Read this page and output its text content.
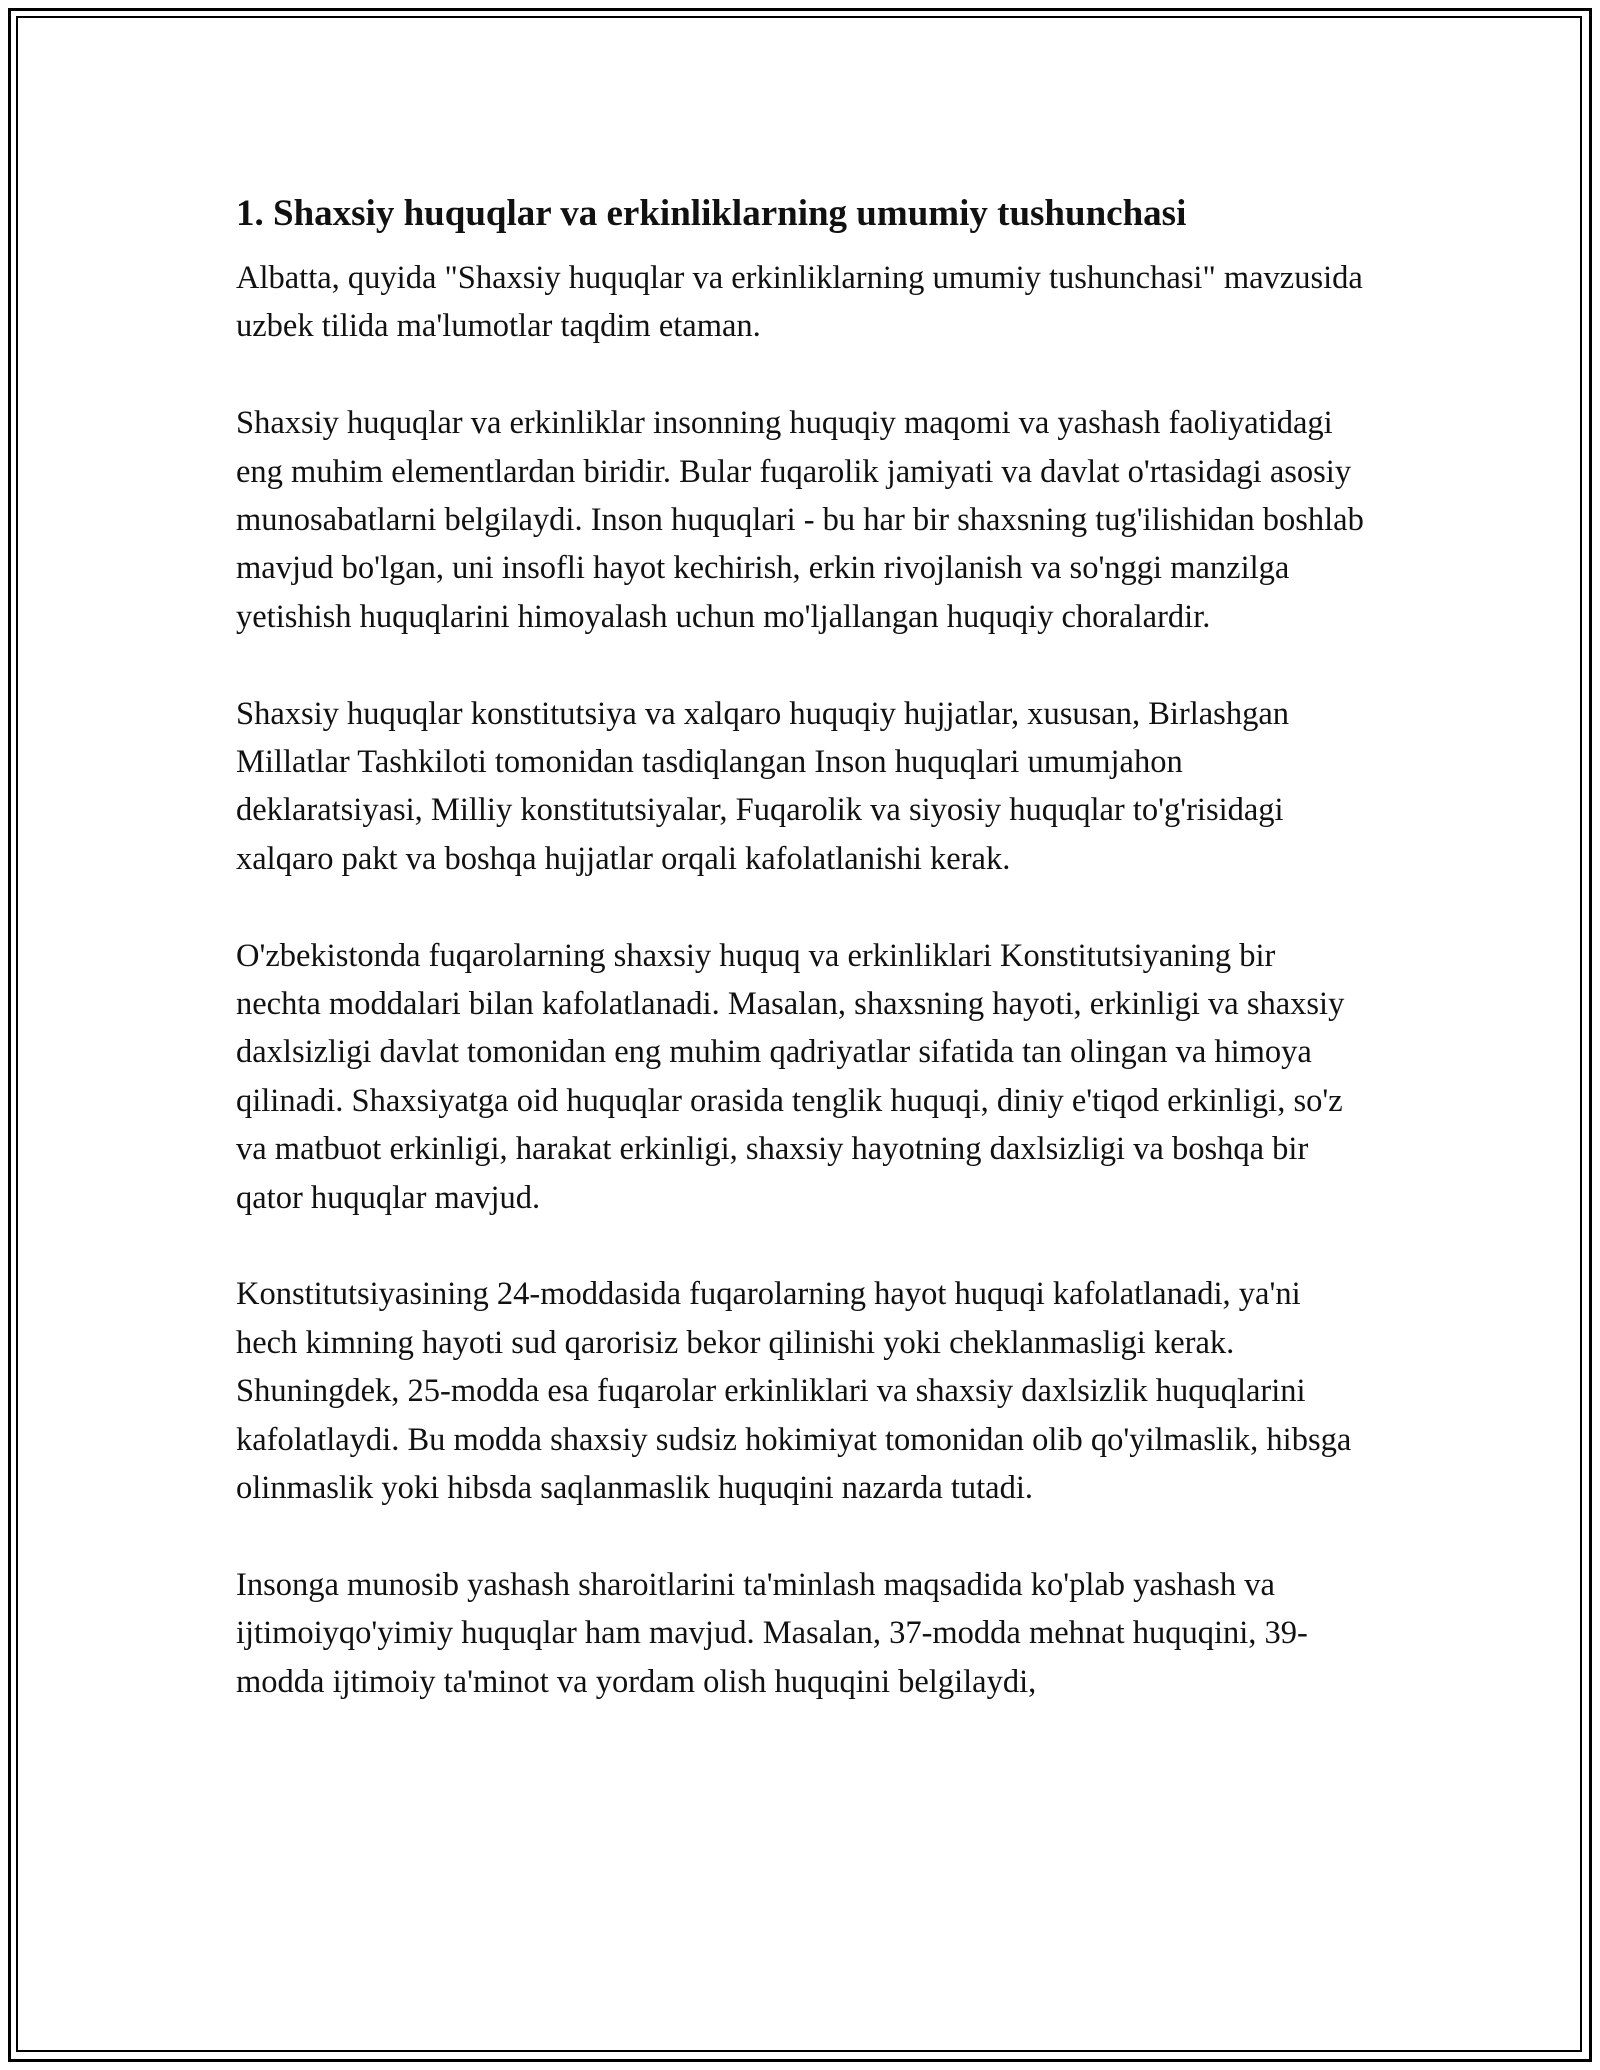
1. Shaxsiy huquqlar va erkinliklarning umumiy tushunchasi

Albatta, quyida "Shaxsiy huquqlar va erkinliklarning umumiy tushunchasi" mavzusida uzbek tilida ma'lumotlar taqdim etaman.

Shaxsiy huquqlar va erkinliklar insonning huquqiy maqomi va yashash faoliyatidagi eng muhim elementlardan biridir. Bular fuqarolik jamiyati va davlat o'rtasidagi asosiy munosabatlarni belgilaydi. Inson huquqlari - bu har bir shaxsning tug'ilishidan boshlab mavjud bo'lgan, uni insofli hayot kechirish, erkin rivojlanish va so'nggi manzilga yetishish huquqlarini himoyalash uchun mo'ljallangan huquqiy choralardir.

Shaxsiy huquqlar konstitutsiya va xalqaro huquqiy hujjatlar, xususan, Birlashgan Millatlar Tashkiloti tomonidan tasdiqlangan Inson huquqlari umumjahon deklaratsiyasi, Milliy konstitutsiyalar, Fuqarolik va siyosiy huquqlar to'g'risidagi xalqaro pakt va boshqa hujjatlar orqali kafolatlanishi kerak.

O'zbekistonda fuqarolarning shaxsiy huquq va erkinliklari Konstitutsiyaning bir nechta moddalari bilan kafolatlanadi. Masalan, shaxsning hayoti, erkinligi va shaxsiy daxlsizligi davlat tomonidan eng muhim qadriyatlar sifatida tan olingan va himoya qilinadi. Shaxsiyatga oid huquqlar orasida tenglik huquqi, diniy e'tiqod erkinligi, so'z va matbuot erkinligi, harakat erkinligi, shaxsiy hayotning daxlsizligi va boshqa bir qator huquqlar mavjud.

Konstitutsiyasining 24-moddasida fuqarolarning hayot huquqi kafolatlanadi, ya'ni hech kimning hayoti sud qarorisiz bekor qilinishi yoki cheklanmasligi kerak. Shuningdek, 25-modda esa fuqarolar erkinliklari va shaxsiy daxlsizlik huquqlarini kafolatlaydi. Bu modda shaxsiy sudsiz hokimiyat tomonidan olib qo'yilmaslik, hibsga olinmaslik yoki hibsda saqlanmaslik huquqini nazarda tutadi.

Insonga munosib yashash sharoitlarini ta'minlash maqsadida ko'plab yashash va ijtimoiyqo'yimiy huquqlar ham mavjud. Masalan, 37-modda mehnat huquqini, 39-modda ijtimoiy ta'minot va yordam olish huquqini belgilaydi,
